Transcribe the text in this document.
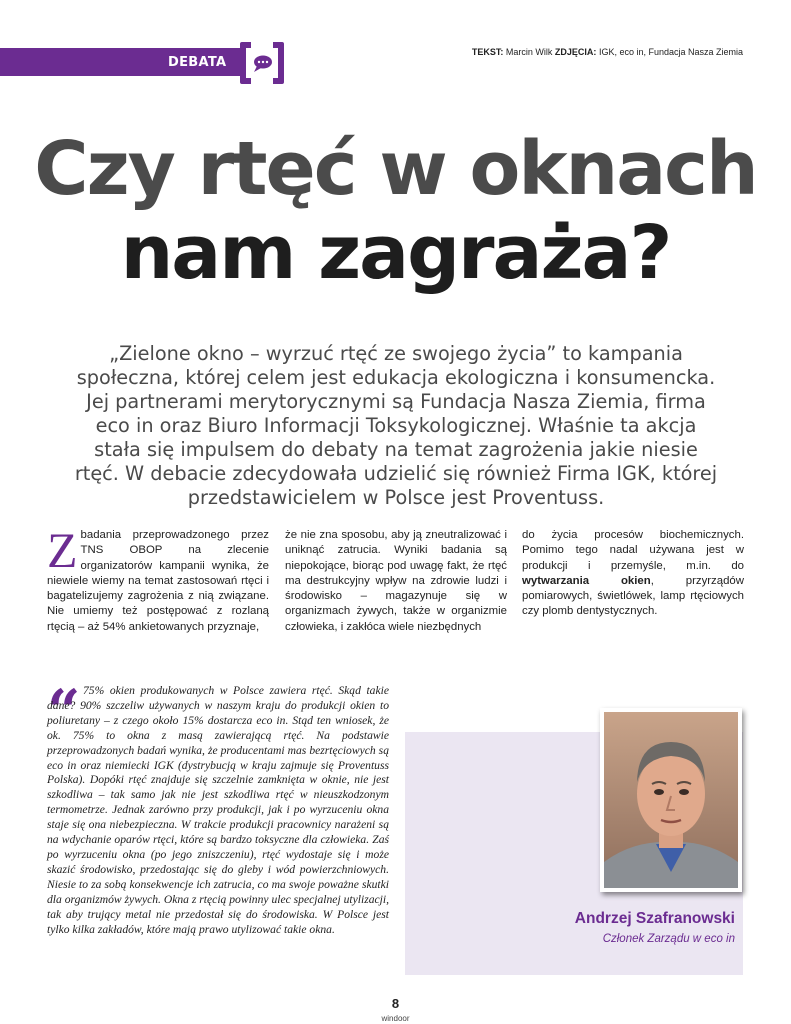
DEBATA
TEKST: Marcin Wilk ZDJĘCIA: IGK, eco in, Fundacja Nasza Ziemia
Czy rtęć w oknach
nam zagraża?

„Zielone okno – wyrzuć rtęć ze swojego życia” to kampania społeczna, której celem jest edukacja ekologiczna i konsumencka. Jej partnerami merytorycznymi są Fundacja Nasza Ziemia, firma eco in oraz Biuro Informacji Toksykologicznej. Właśnie ta akcja stała się impulsem do debaty na temat zagrożenia jakie niesie rtęć. W debacie zdecydowała udzielić się również Firma IGK, której przedstawicielem w Polsce jest Proventuss.

Zbadania przeprowadzonego przez TNS OBOP na zlecenie organizatorów kampanii wynika, że niewiele wiemy na temat zastosowań rtęci i bagatelizujemy zagrożenia z nią związane. Nie umiemy też postępować z rozlaną rtęcią – aż 54% ankietowanych przyznaje,
że nie zna sposobu, aby ją zneutralizować i uniknąć zatrucia. Wyniki badania są niepokojące, biorąc pod uwagę fakt, że rtęć ma destrukcyjny wpływ na zdrowie ludzi i środowisko – magazynuje się w organizmach żywych, także w organizmie człowieka, i zakłóca wiele niezbędnych
do życia procesów biochemicznych. Pomimo tego nadal używana jest w produkcji i przemyśle, m.in. do wytwarzania okien, przyrządów pomiarowych, świetlówek, lamp rtęciowych czy plomb dentystycznych.
“ 75% okien produkowanych w Polsce zawiera rtęć. Skąd takie dane? 90% szczeliw używanych w naszym kraju do produkcji okien to poliuretany – z czego około 15% dostarcza eco in. Stąd ten wniosek, że ok. 75% to okna z masą zawierającą rtęć. Na podstawie przeprowadzonych badań wynika, że producentami mas bezrtęciowych są eco in oraz niemiecki IGK (dystrybucją w kraju zajmuje się Proventuss Polska). Dopóki rtęć znajduje się szczelnie zamknięta w oknie, nie jest szkodliwa – tak samo jak nie jest szkodliwa rtęć w nieuszkodzonym termometrze. Jednak zarówno przy produkcji, jak i po wyrzuceniu okna staje się ona niebezpieczna. W trakcie produkcji pracownicy narażeni są na wdychanie oparów rtęci, które są bardzo toksyczne dla człowieka. Zaś po wyrzuceniu okna (po jego zniszczeniu), rtęć wydostaje się i może skazić środowisko, przedostając się do gleby i wód powierzchniowych. Niesie to za sobą konsekwencje ich zatrucia, co ma swoje poważne skutki dla organizmów żywych. Okna z rtęcią powinny ulec specjalnej utylizacji, tak aby trujący metal nie przedostał się do środowiska. W Polsce jest tylko kilka zakładów, które mają prawo utylizować takie okna.

Andrzej Szafranowski
Członek Zarządu w eco in
8
windoor
